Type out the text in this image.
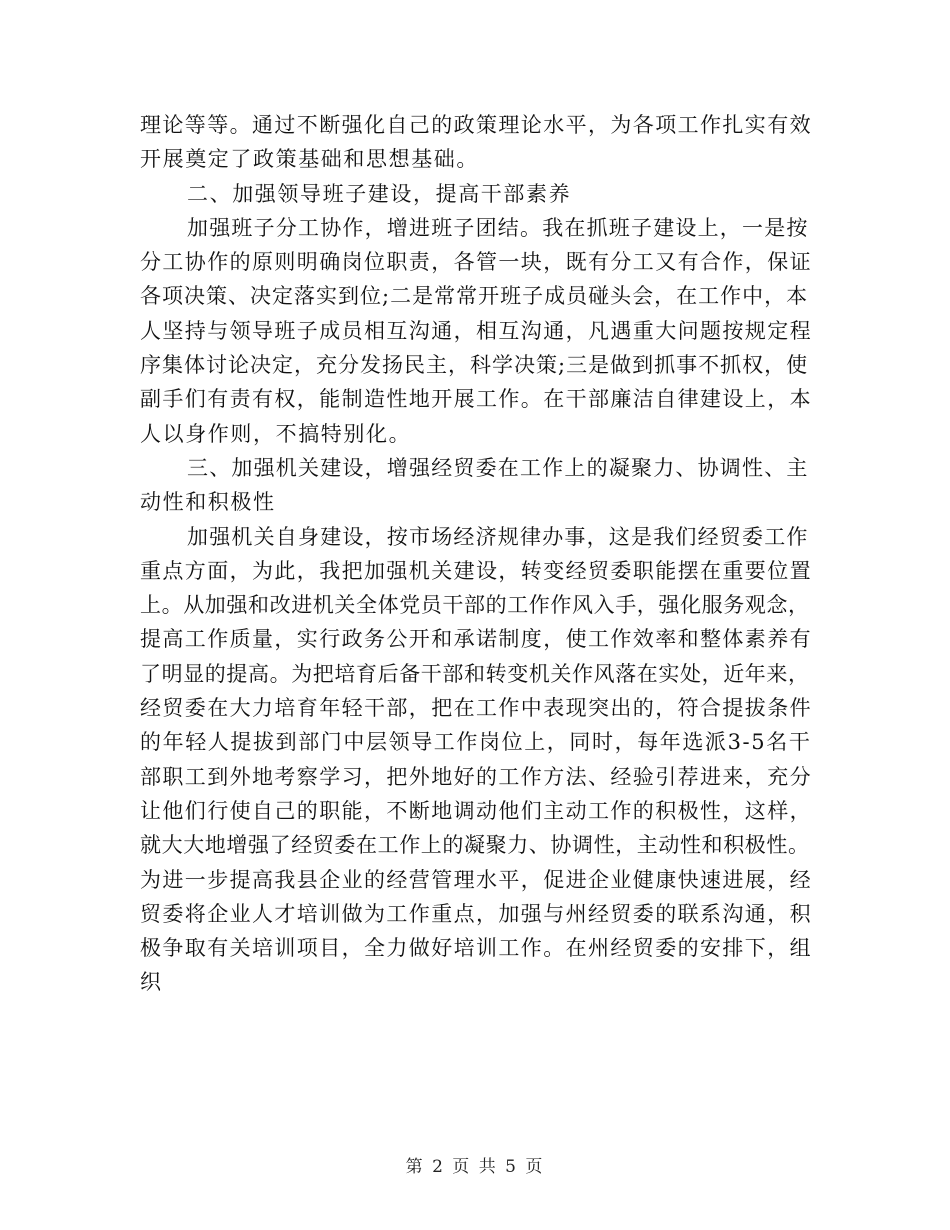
理论等等。通过不断强化自己的政策理论水平，为各项工作扎实有效
开展奠定了政策基础和思想基础。
二、加强领导班子建设，提高干部素养
加强班子分工协作，增进班子团结。我在抓班子建设上，一是按
分工协作的原则明确岗位职责，各管一块，既有分工又有合作，保证
各项决策、决定落实到位;二是常常开班子成员碰头会，在工作中，本
人坚持与领导班子成员相互沟通，相互沟通，凡遇重大问题按规定程
序集体讨论决定，充分发扬民主，科学决策;三是做到抓事不抓权，使
副手们有责有权，能制造性地开展工作。在干部廉洁自律建设上，本
人以身作则，不搞特别化。
三、加强机关建设，增强经贸委在工作上的凝聚力、协调性、主
动性和积极性
加强机关自身建设，按市场经济规律办事，这是我们经贸委工作
重点方面，为此，我把加强机关建设，转变经贸委职能摆在重要位置
上。从加强和改进机关全体党员干部的工作作风入手，强化服务观念，
提高工作质量，实行政务公开和承诺制度，使工作效率和整体素养有
了明显的提高。为把培育后备干部和转变机关作风落在实处，近年来，
经贸委在大力培育年轻干部，把在工作中表现突出的，符合提拔条件
的年轻人提拔到部门中层领导工作岗位上，同时，每年选派3-5名干
部职工到外地考察学习，把外地好的工作方法、经验引荐进来，充分
让他们行使自己的职能，不断地调动他们主动工作的积极性，这样，
就大大地增强了经贸委在工作上的凝聚力、协调性，主动性和积极性。
为进一步提高我县企业的经营管理水平，促进企业健康快速进展，经
贸委将企业人才培训做为工作重点，加强与州经贸委的联系沟通，积
极争取有关培训项目，全力做好培训工作。在州经贸委的安排下，组
织
第 2 页 共 5 页
